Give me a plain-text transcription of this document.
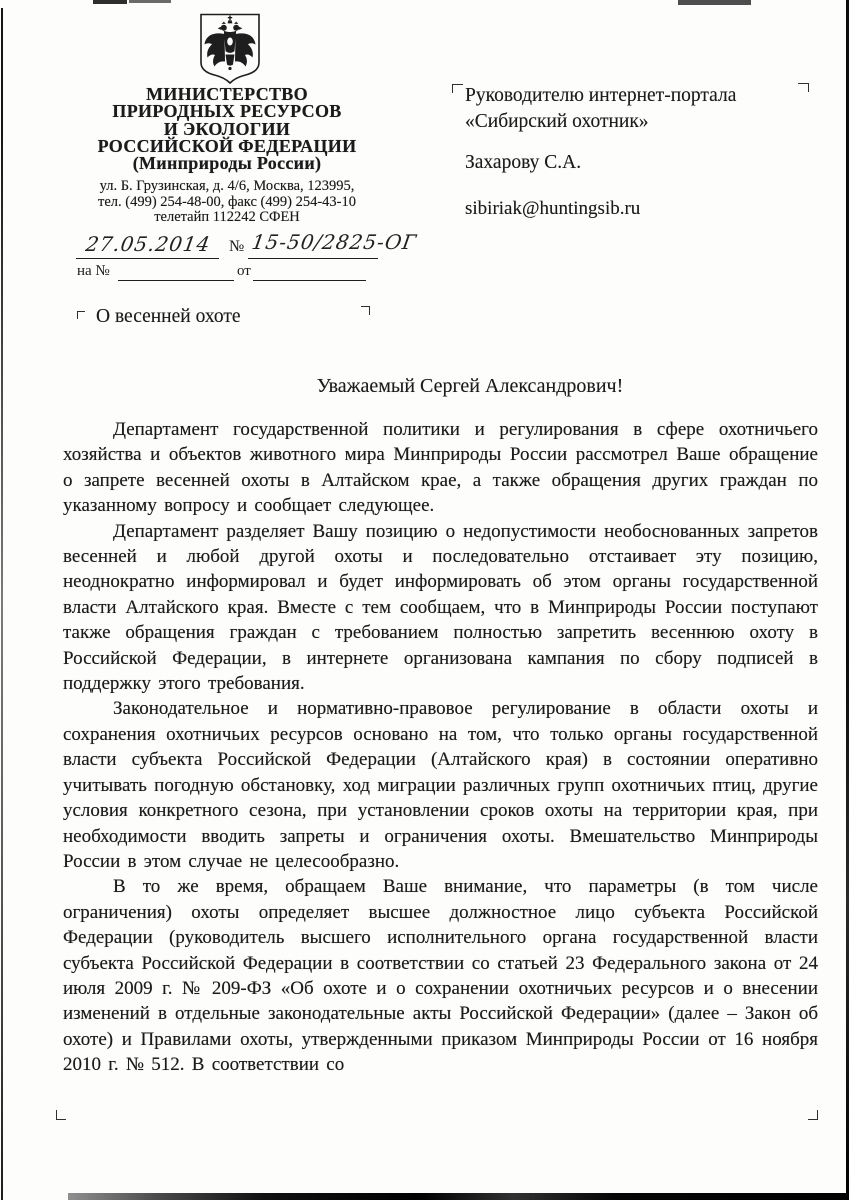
МИНИСТЕРСТВО
ПРИРОДНЫХ РЕСУРСОВ
И ЭКОЛОГИИ
РОССИЙСКОЙ ФЕДЕРАЦИИ
(Минприроды России)
ул. Б. Грузинская, д. 4/6, Москва, 123995,
тел. (499) 254-48-00, факс (499) 254-43-10
телетайп 112242 СФЕН
27.05.2014 № 15-50/2825-ОГ
на №	от
Руководителю интернет-портала
«Сибирский охотник»
Захарову С.А.
sibiriak@huntingsib.ru
О весенней охоте
Уважаемый Сергей Александрович!

Департамент государственной политики и регулирования в сфере охотничьего хозяйства и объектов животного мира Минприроды России рассмотрел Ваше обращение о запрете весенней охоты в Алтайском крае, а также обращения других граждан по указанному вопросу и сообщает следующее.

Департамент разделяет Вашу позицию о недопустимости необоснованных запретов весенней и любой другой охоты и последовательно отстаивает эту позицию, неоднократно информировал и будет информировать об этом органы государственной власти Алтайского края. Вместе с тем сообщаем, что в Минприроды России поступают также обращения граждан с требованием полностью запретить весеннюю охоту в Российской Федерации, в интернете организована кампания по сбору подписей в поддержку этого требования.

Законодательное и нормативно-правовое регулирование в области охоты и сохранения охотничьих ресурсов основано на том, что только органы государственной власти субъекта Российской Федерации (Алтайского края) в состоянии оперативно учитывать погодную обстановку, ход миграции различных групп охотничьих птиц, другие условия конкретного сезона, при установлении сроков охоты на территории края, при необходимости вводить запреты и ограничения охоты. Вмешательство Минприроды России в этом случае не целесообразно.

В то же время, обращаем Ваше внимание, что параметры (в том числе ограничения) охоты определяет высшее должностное лицо субъекта Российской Федерации (руководитель высшего исполнительного органа государственной власти субъекта Российской Федерации в соответствии со статьей 23 Федерального закона от 24 июля 2009 г. № 209-ФЗ «Об охоте и о сохранении охотничьих ресурсов и о внесении изменений в отдельные законодательные акты Российской Федерации» (далее – Закон об охоте) и Правилами охоты, утвержденными приказом Минприроды России от 16 ноября 2010 г. № 512. В соответствии со
